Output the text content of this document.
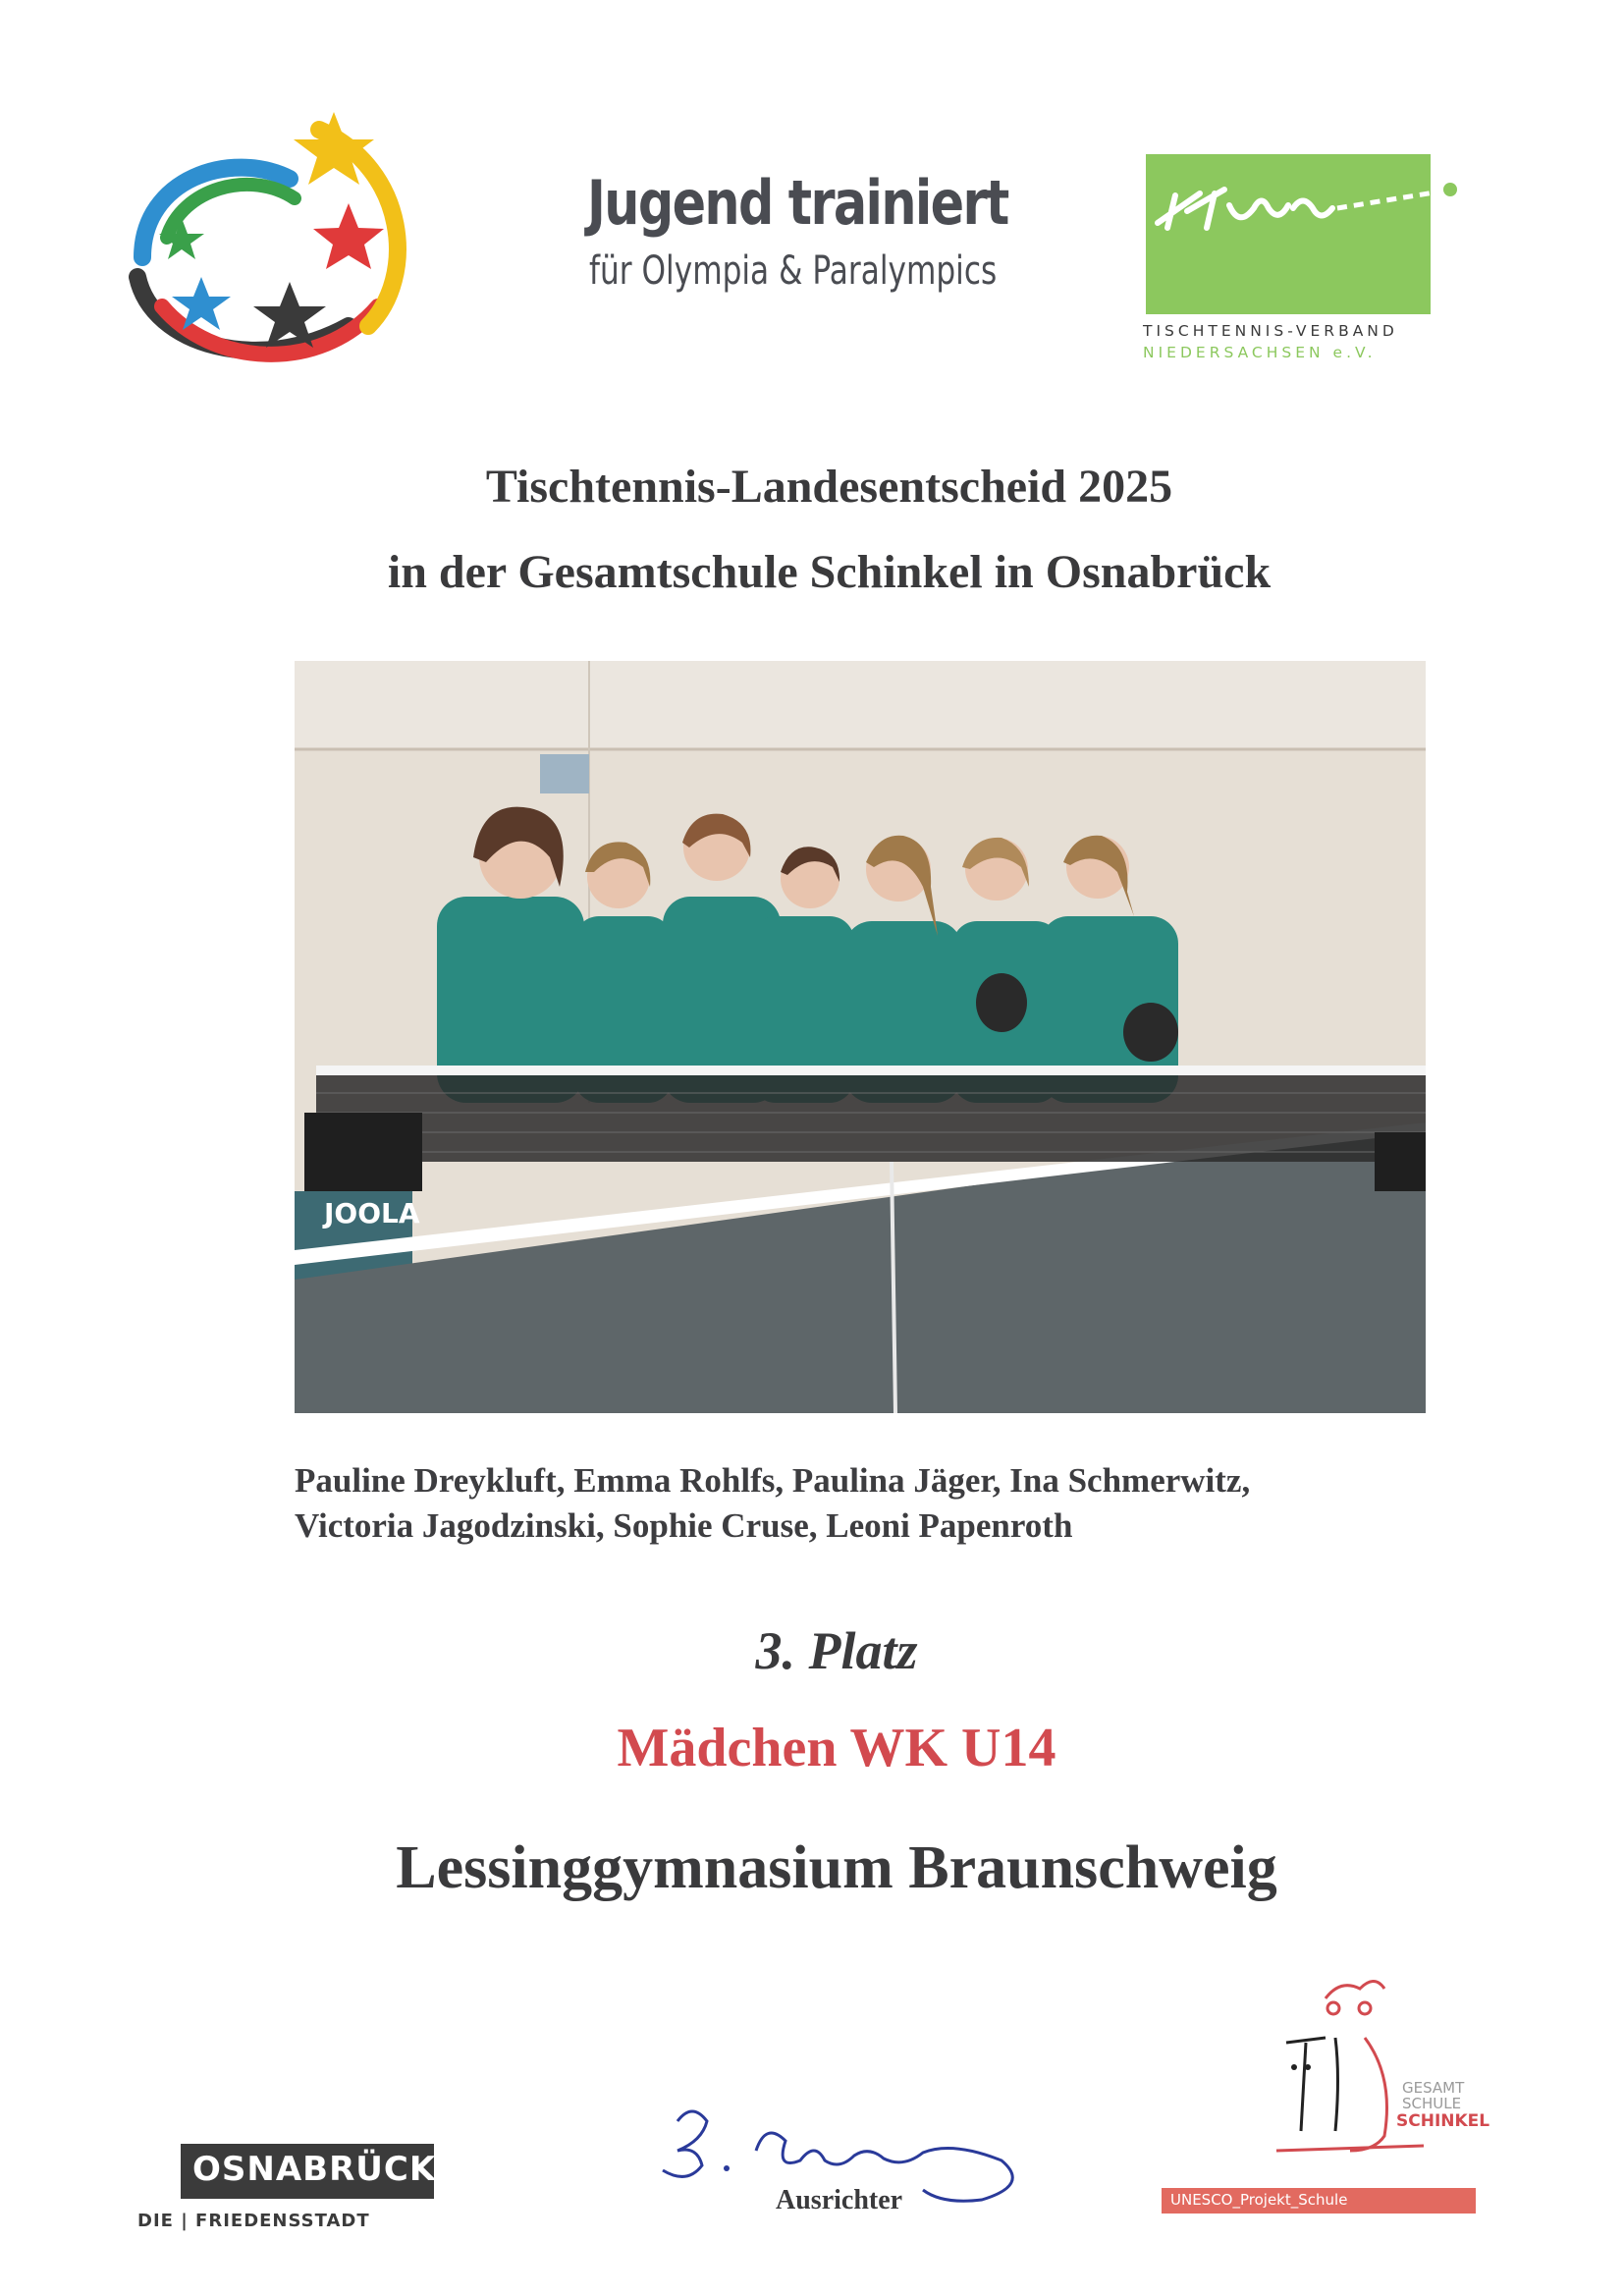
Jugend trainiert
für Olympia & Paralympics
TISCHTENNIS-VERBAND
NIEDERSACHSEN e.V.
Tischtennis-Landesentscheid 2025
in der Gesamtschule Schinkel in Osnabrück
JOOLA
Pauline Dreykluft, Emma Rohlfs, Paulina Jäger, Ina Schmerwitz,
Victoria Jagodzinski, Sophie Cruse, Leoni Papenroth
3. Platz
Mädchen WK U14
Lessinggymnasium Braunschweig
OSNABRÜCK
DIE | FRIEDENSSTADT
Ausrichter
GESAMT
SCHULE
SCHINKEL
UNESCO_Projekt_Schule
